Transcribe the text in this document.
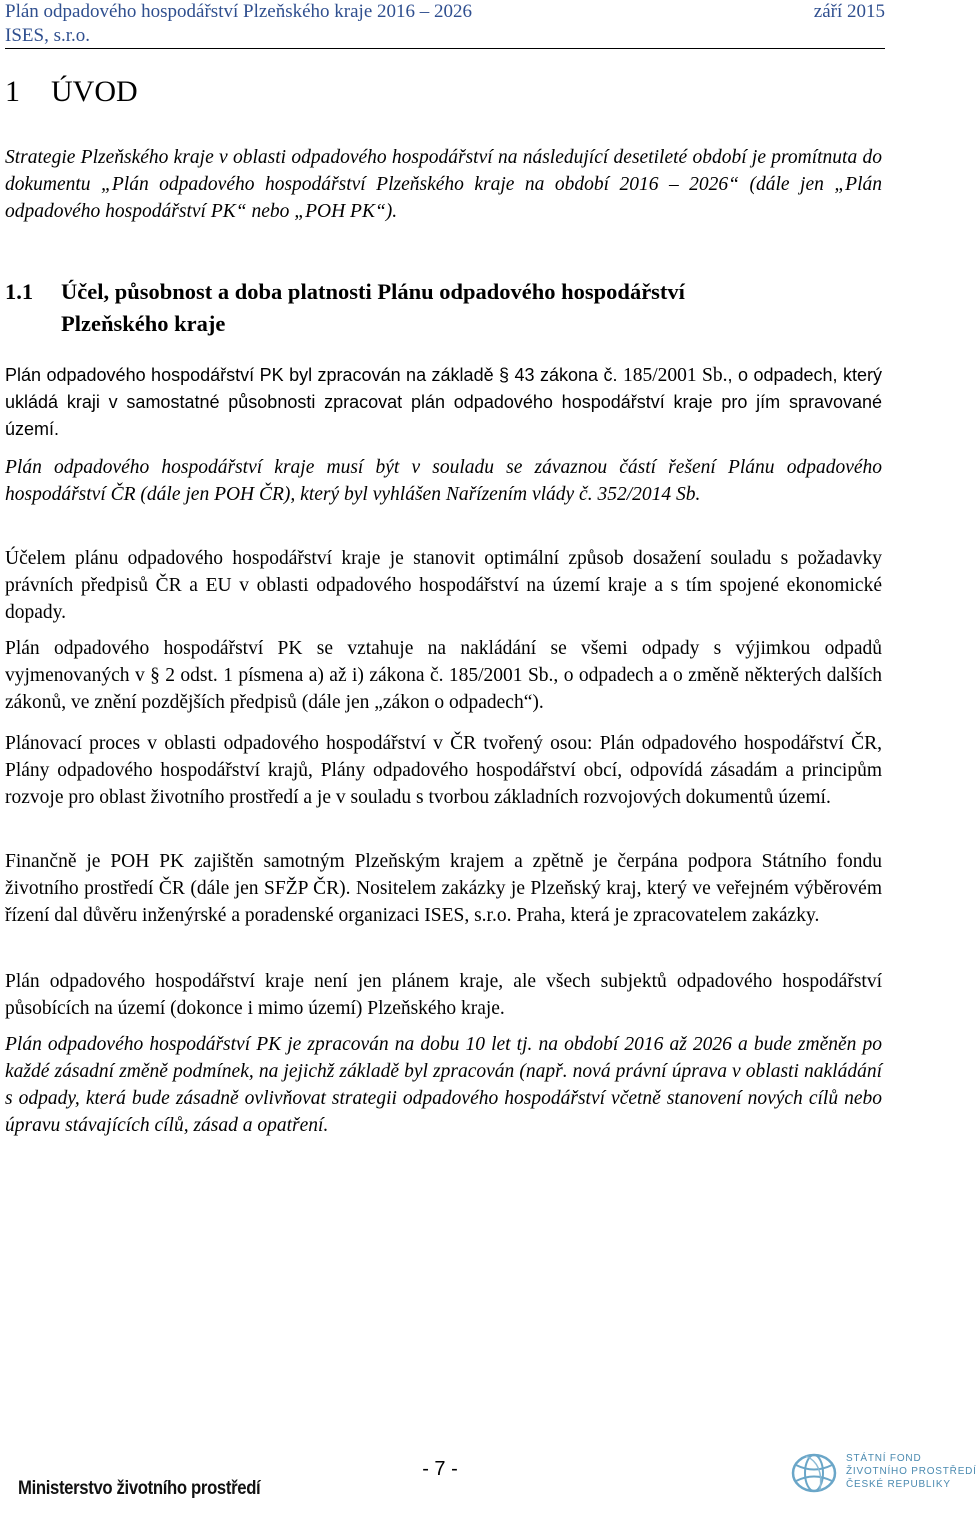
Plán odpadového hospodářství Plzeňského kraje 2016 – 2026	září 2015
ISES, s.r.o.
1 ÚVOD

Strategie Plzeňského kraje v oblasti odpadového hospodářství na následující desetileté období je promítnuta do dokumentu „Plán odpadového hospodářství Plzeňského kraje na období 2016 – 2026“ (dále jen „Plán odpadového hospodářství PK“ nebo „POH PK“).

1.1 Účel, působnost a doba platnosti Plánu odpadového hospodářství
Plzeňského kraje

Plán odpadového hospodářství PK byl zpracován na základě § 43 zákona č. 185/2001 Sb., o odpadech, který ukládá kraji v samostatné působnosti zpracovat plán odpadového hospodářství kraje pro jím spravované území.

Plán odpadového hospodářství kraje musí být v souladu se závaznou částí řešení Plánu odpadového hospodářství ČR (dále jen POH ČR), který byl vyhlášen Nařízením vlády č. 352/2014 Sb.

Účelem plánu odpadového hospodářství kraje je stanovit optimální způsob dosažení souladu s požadavky právních předpisů ČR a EU v oblasti odpadového hospodářství na území kraje a s tím spojené ekonomické dopady.

Plán odpadového hospodářství PK se vztahuje na nakládání se všemi odpady s výjimkou odpadů vyjmenovaných v § 2 odst. 1 písmena a) až i) zákona č. 185/2001 Sb., o odpadech a o změně některých dalších zákonů, ve znění pozdějších předpisů (dále jen „zákon o odpadech“).

Plánovací proces v oblasti odpadového hospodářství v ČR tvořený osou: Plán odpadového hospodářství ČR, Plány odpadového hospodářství krajů, Plány odpadového hospodářství obcí, odpovídá zásadám a principům rozvoje pro oblast životního prostředí a je v souladu s tvorbou základních rozvojových dokumentů území.

Finančně je POH PK zajištěn samotným Plzeňským krajem a zpětně je čerpána podpora Státního fondu životního prostředí ČR (dále jen SFŽP ČR). Nositelem zakázky je Plzeňský kraj, který ve veřejném výběrovém řízení dal důvěru inženýrské a poradenské organizaci ISES, s.r.o. Praha, která je zpracovatelem zakázky.

Plán odpadového hospodářství kraje není jen plánem kraje, ale všech subjektů odpadového hospodářství působících na území (dokonce i mimo území) Plzeňského kraje.

Plán odpadového hospodářství PK je zpracován na dobu 10 let tj. na období 2016 až 2026 a bude změněn po každé zásadní změně podmínek, na jejichž základě byl zpracován (např. nová právní úprava v oblasti nakládání s odpady, která bude zásadně ovlivňovat strategii odpadového hospodářství včetně stanovení nových cílů nebo úpravu stávajících cílů, zásad a opatření.

- 7 -
Ministerstvo životního prostředí
STÁTNÍ FOND
ŽIVOTNÍHO PROSTŘEDÍ
ČESKÉ REPUBLIKY
